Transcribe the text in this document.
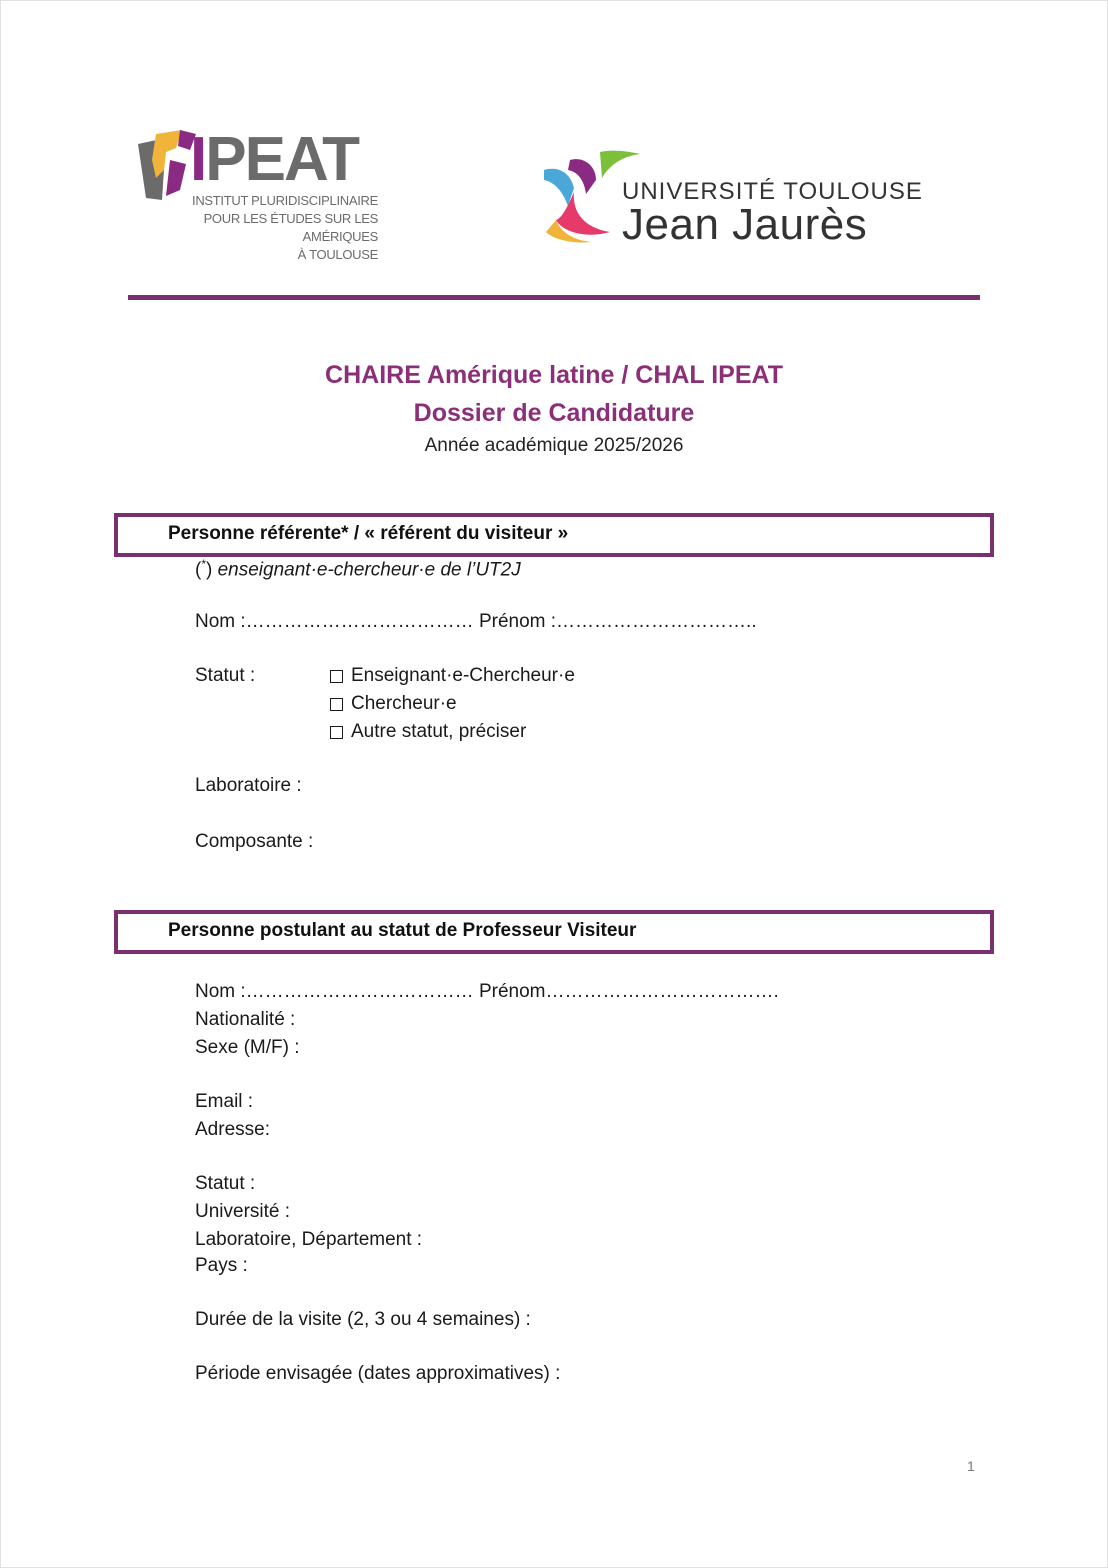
IPEAT
INSTITUT PLURIDISCIPLINAIRE
POUR LES ÉTUDES SUR LES AMÉRIQUES
À TOULOUSE
UNIVERSITÉ TOULOUSE
Jean Jaurès
CHAIRE Amérique latine / CHAL IPEAT
Dossier de Candidature
Année académique 2025/2026
Personne référente* / « référent du visiteur »
(*) enseignant·e-chercheur·e de l’UT2J
Nom :……………………………… Prénom :…………………………..
Statut :	Enseignant·e-Chercheur·e
Chercheur·e
Autre statut, préciser
Laboratoire :
Composante :
Personne postulant au statut de Professeur Visiteur
Nom :……………………………… Prénom……………………………….
Nationalité :
Sexe (M/F) :
Email :
Adresse:
Statut :
Université :
Laboratoire, Département :
Pays :
Durée de la visite (2, 3 ou 4 semaines) :
Période envisagée (dates approximatives) :
1
